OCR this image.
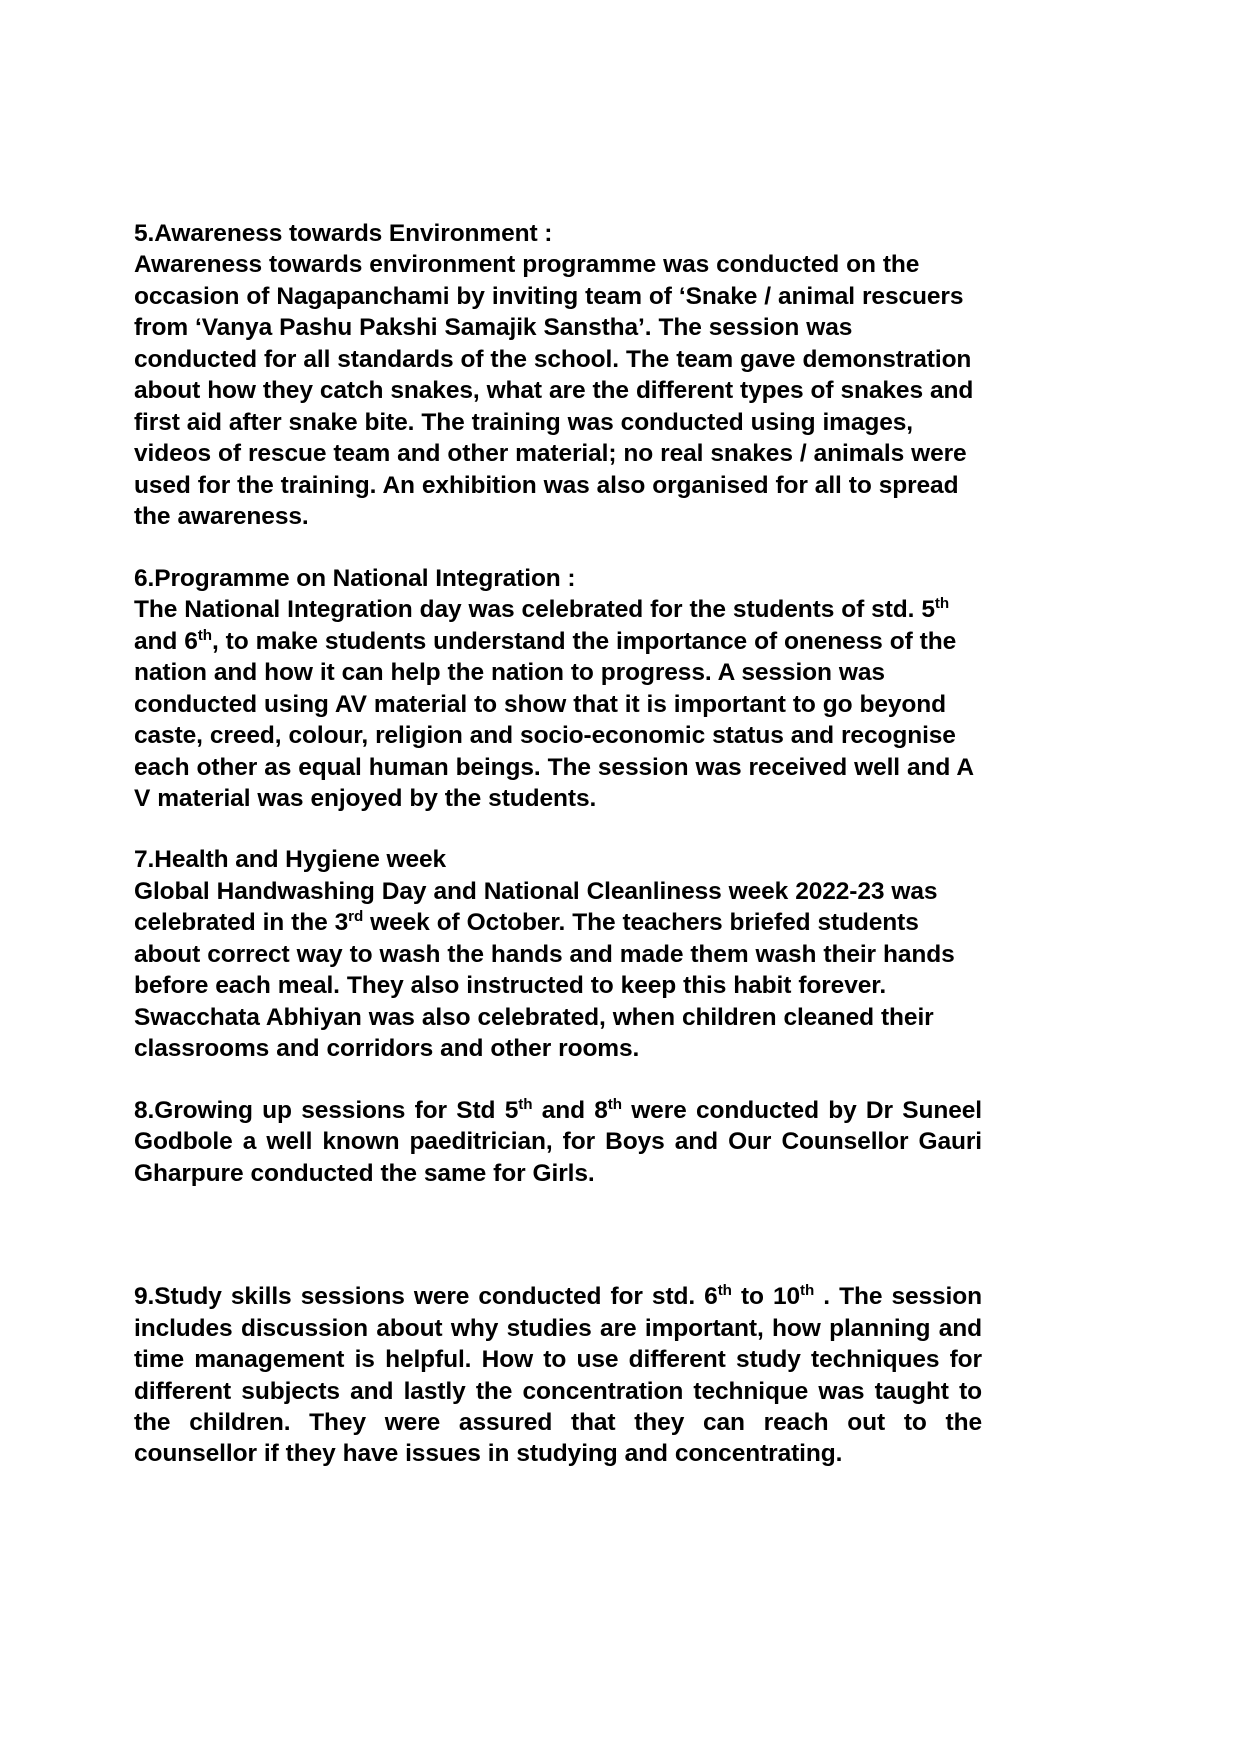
5.Awareness towards Environment :

Awareness towards environment programme was conducted on the occasion of Nagapanchami by inviting team of ‘Snake / animal rescuers from ‘Vanya Pashu Pakshi Samajik Sanstha’. The session was conducted for all standards of the school. The team gave demonstration about how they catch snakes, what are the different types of snakes and first aid after snake bite. The training was conducted using images, videos of rescue team and other material; no real snakes / animals were used for the training. An exhibition was also organised for all to spread the awareness.

6.Programme on National Integration :

The National Integration day was celebrated for the students of std. 5th and 6th, to make students understand the importance of oneness of the nation and how it can help the nation to progress. A session was conducted using AV material to show that it is important to go beyond caste, creed, colour, religion and socio-economic status and recognise each other as equal human beings. The session was received well and A V material was enjoyed by the students.

7.Health and Hygiene week

Global Handwashing Day and National Cleanliness week 2022-23 was celebrated in the 3rd week of October. The teachers briefed students about correct way to wash the hands and made them wash their hands before each meal. They also instructed to keep this habit forever. Swacchata Abhiyan was also celebrated, when children cleaned their classrooms and corridors and other rooms.

8.Growing up sessions for Std 5th and 8th were conducted by Dr Suneel Godbole a well known paeditrician, for Boys and Our Counsellor Gauri Gharpure conducted the same for Girls.

9.Study skills sessions were conducted for std. 6th to 10th . The session includes discussion about why studies are important, how planning and time management is helpful. How to use different study techniques for different subjects and lastly the concentration technique was taught to the children. They were assured that they can reach out to the counsellor if they have issues in studying and concentrating.
